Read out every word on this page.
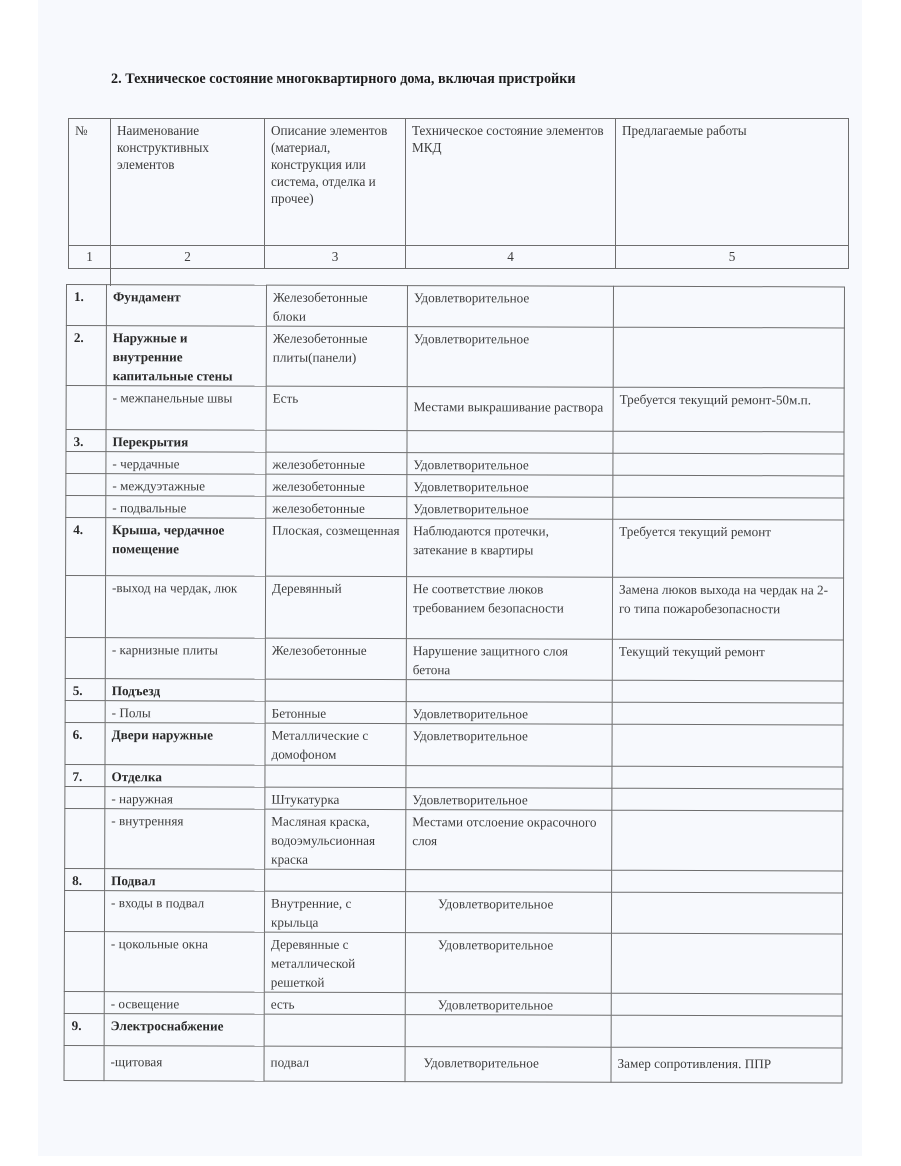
2. Техническое состояние многоквартирного дома, включая пристройки
№	Наименование конструктивных элементов	Описание элементов (материал, конструкция или система, отделка и прочее)	Техническое состояние элементов МКД	Предлагаемые работы
1	2	3	4	5

1.	Фундамент	Железобетонные блоки	Удовлетворительное	
2.	Наружные и внутренние капитальные стены	Железобетонные плиты(панели)	Удовлетворительное	
	- межпанельные швы	Есть	Местами выкрашивание раствора	Требуется текущий ремонт-50м.п.
3.	Перекрытия			
	- чердачные	железобетонные	Удовлетворительное	
	- междуэтажные	железобетонные	Удовлетворительное	
	- подвальные	железобетонные	Удовлетворительное	
4.	Крыша, чердачное помещение	Плоская, созмещенная	Наблюдаются протечки, затекание в квартиры	Требуется текущий ремонт
	-выход на чердак, люк	Деревянный	Не соответствие люков требованием безопасности	Замена люков выхода на чердак на 2-го типа пожаробезопасности
	- карнизные плиты	Железобетонные	Нарушение защитного слоя бетона	Текущий текущий ремонт
5.	Подъезд			
	- Полы	Бетонные	Удовлетворительное	
6.	Двери наружные	Металлические с домофоном	Удовлетворительное	
7.	Отделка			
	- наружная	Штукатурка	Удовлетворительное	
	- внутренняя	Масляная краска, водоэмульсионная краска	Местами отслоение окрасочного слоя	
8.	Подвал			
	- входы в подвал	Внутренние, с крыльца	Удовлетворительное	
	- цокольные окна	Деревянные с металлической решеткой	Удовлетворительное	
	- освещение	есть	Удовлетворительное	
9.	Электроснабжение			
	-щитовая	подвал	Удовлетворительное	Замер сопротивления. ППР
